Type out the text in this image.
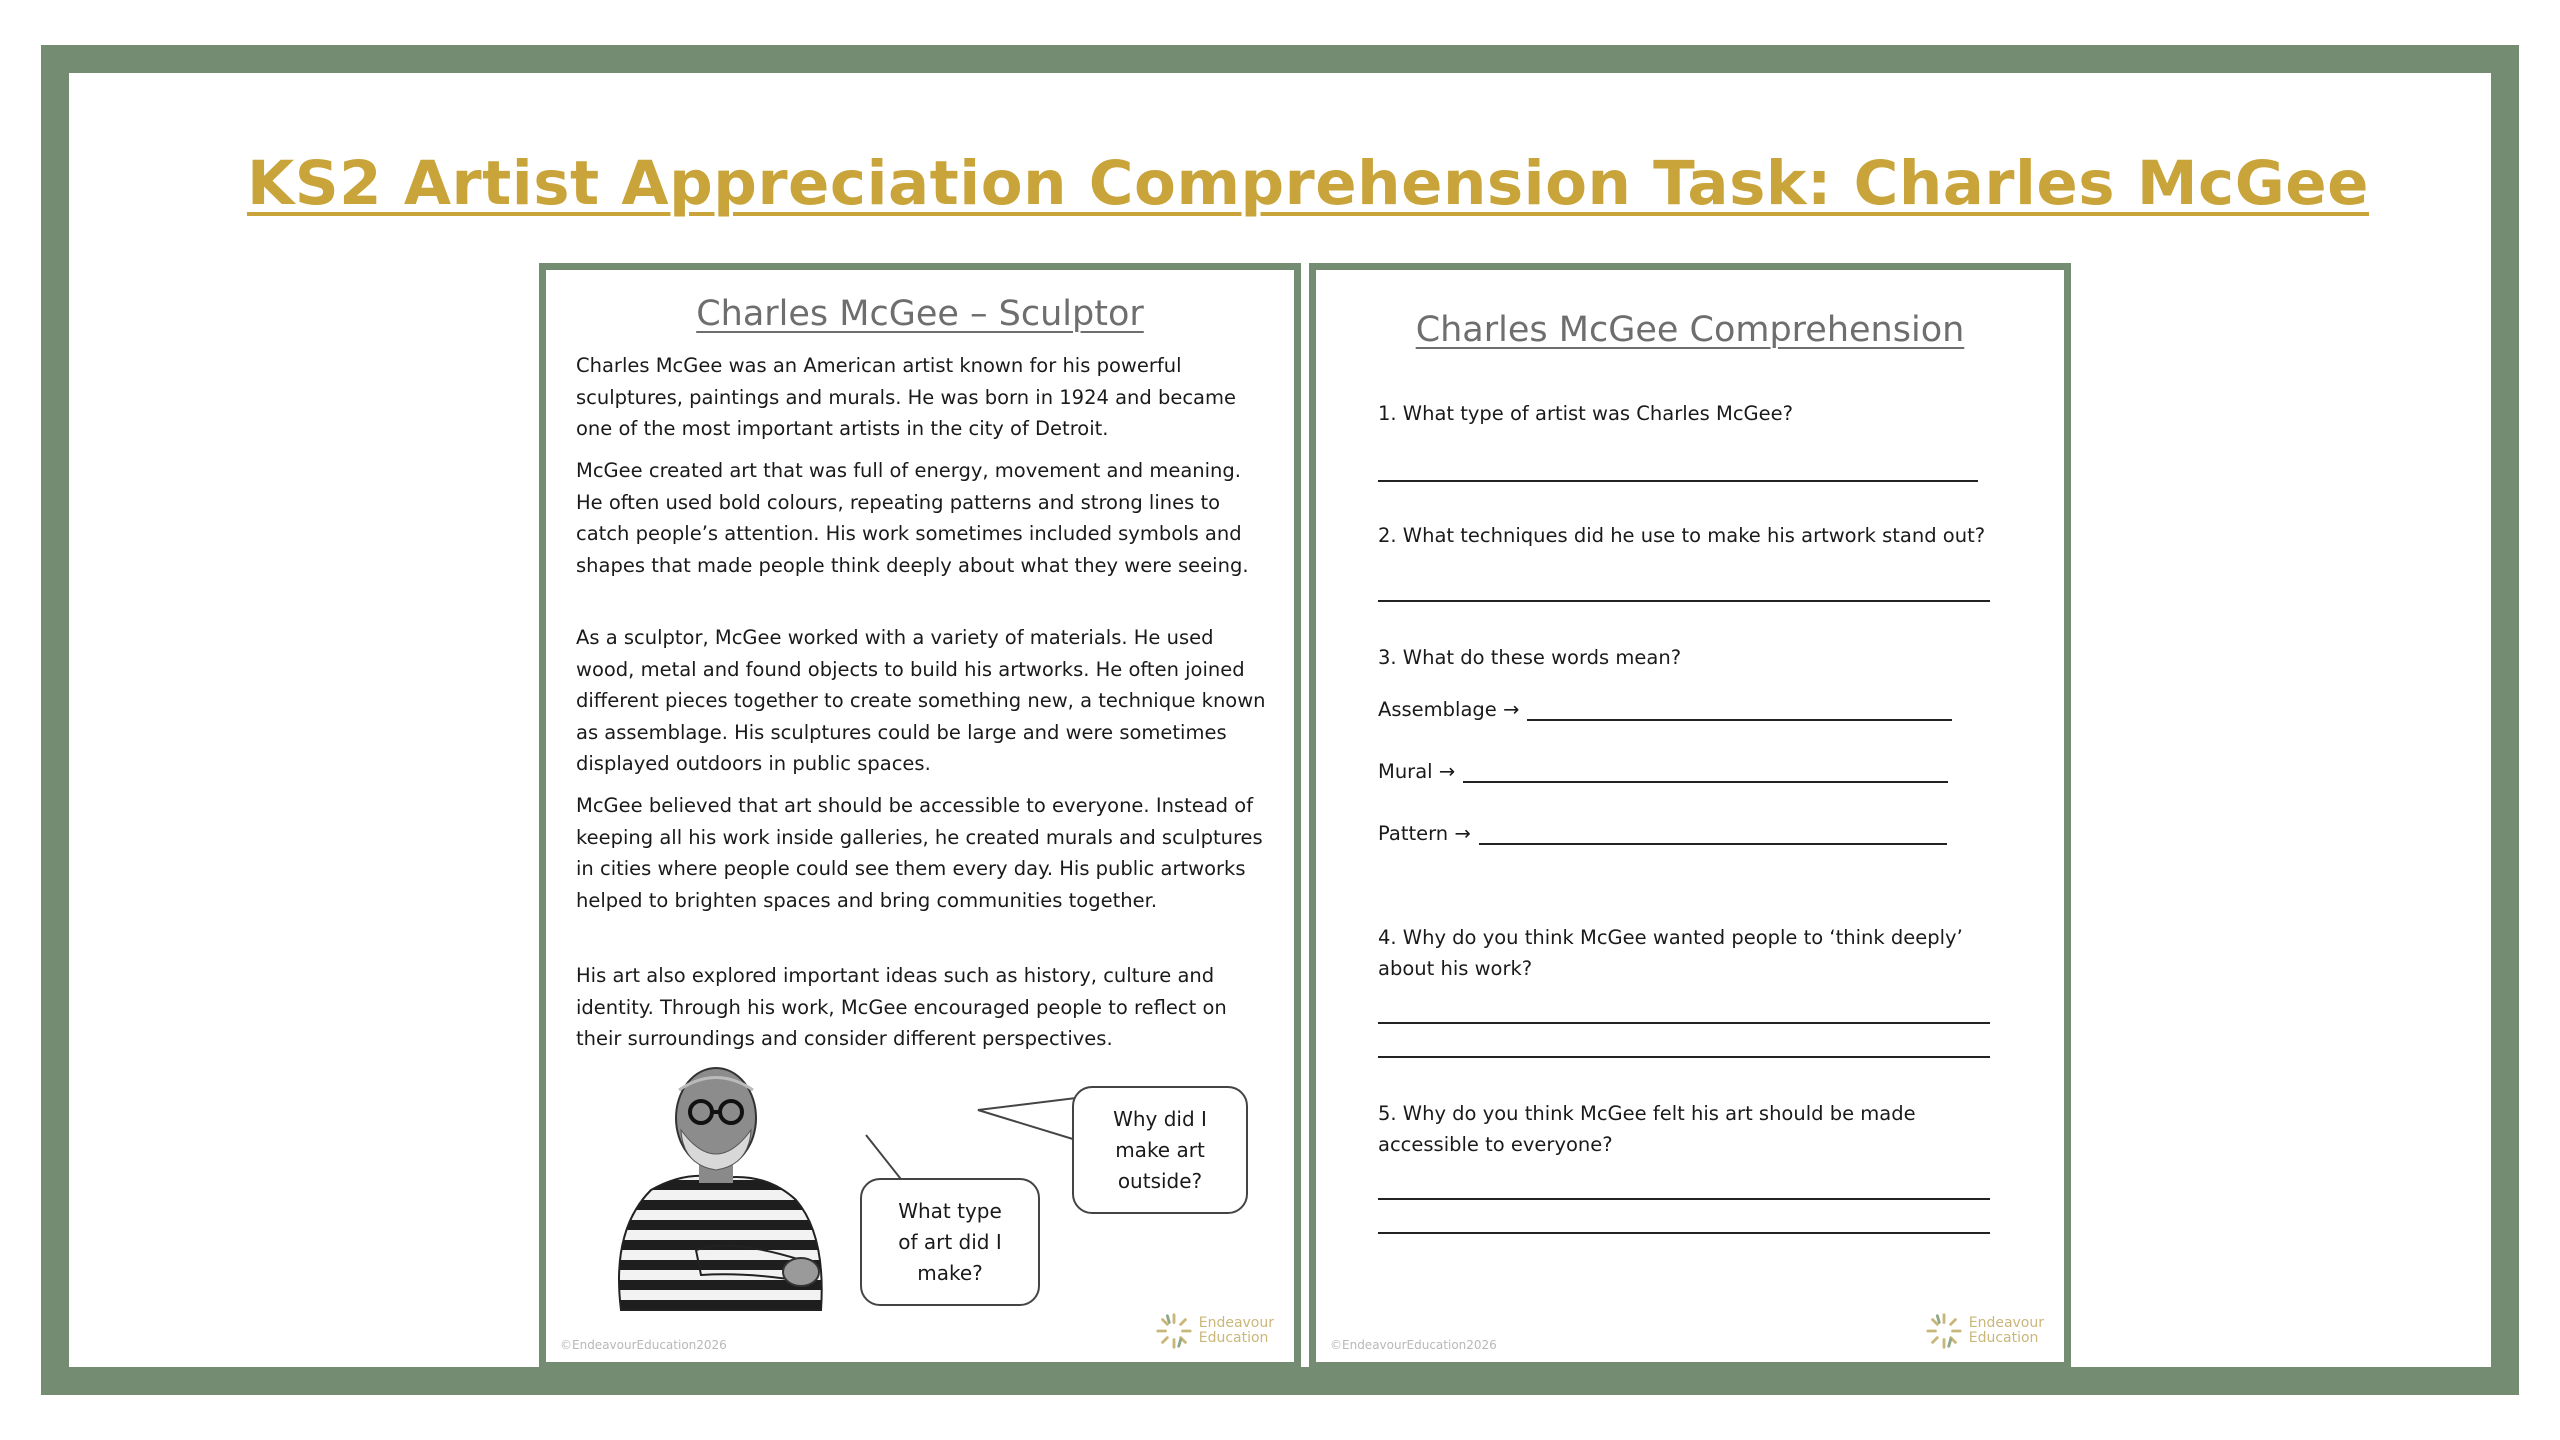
KS2 Artist Appreciation Comprehension Task: Charles McGee
Charles McGee – Sculptor
Charles McGee was an American artist known for his powerful sculptures, paintings and murals. He was born in 1924 and became one of the most important artists in the city of Detroit.
McGee created art that was full of energy, movement and meaning. He often used bold colours, repeating patterns and strong lines to catch people’s attention. His work sometimes included symbols and shapes that made people think deeply about what they were seeing.
As a sculptor, McGee worked with a variety of materials. He used wood, metal and found objects to build his artworks. He often joined different pieces together to create something new, a technique known as assemblage. His sculptures could be large and were sometimes displayed outdoors in public spaces.
McGee believed that art should be accessible to everyone. Instead of keeping all his work inside galleries, he created murals and sculptures in cities where people could see them every day. His public artworks helped to brighten spaces and bring communities together.
His art also explored important ideas such as history, culture and identity. Through his work, McGee encouraged people to reflect on their surroundings and consider different perspectives.
What type of art did I make?
Why did I make art outside?
©EndeavourEducation2026
Endeavour
Education
Charles McGee Comprehension
1. What type of artist was Charles McGee?
2. What techniques did he use to make his artwork stand out?
3. What do these words mean?
Assemblage →
Mural →
Pattern →
4. Why do you think McGee wanted people to ‘think deeply’ about his work?
5. Why do you think McGee felt his art should be made accessible to everyone?
©EndeavourEducation2026
Endeavour
Education
